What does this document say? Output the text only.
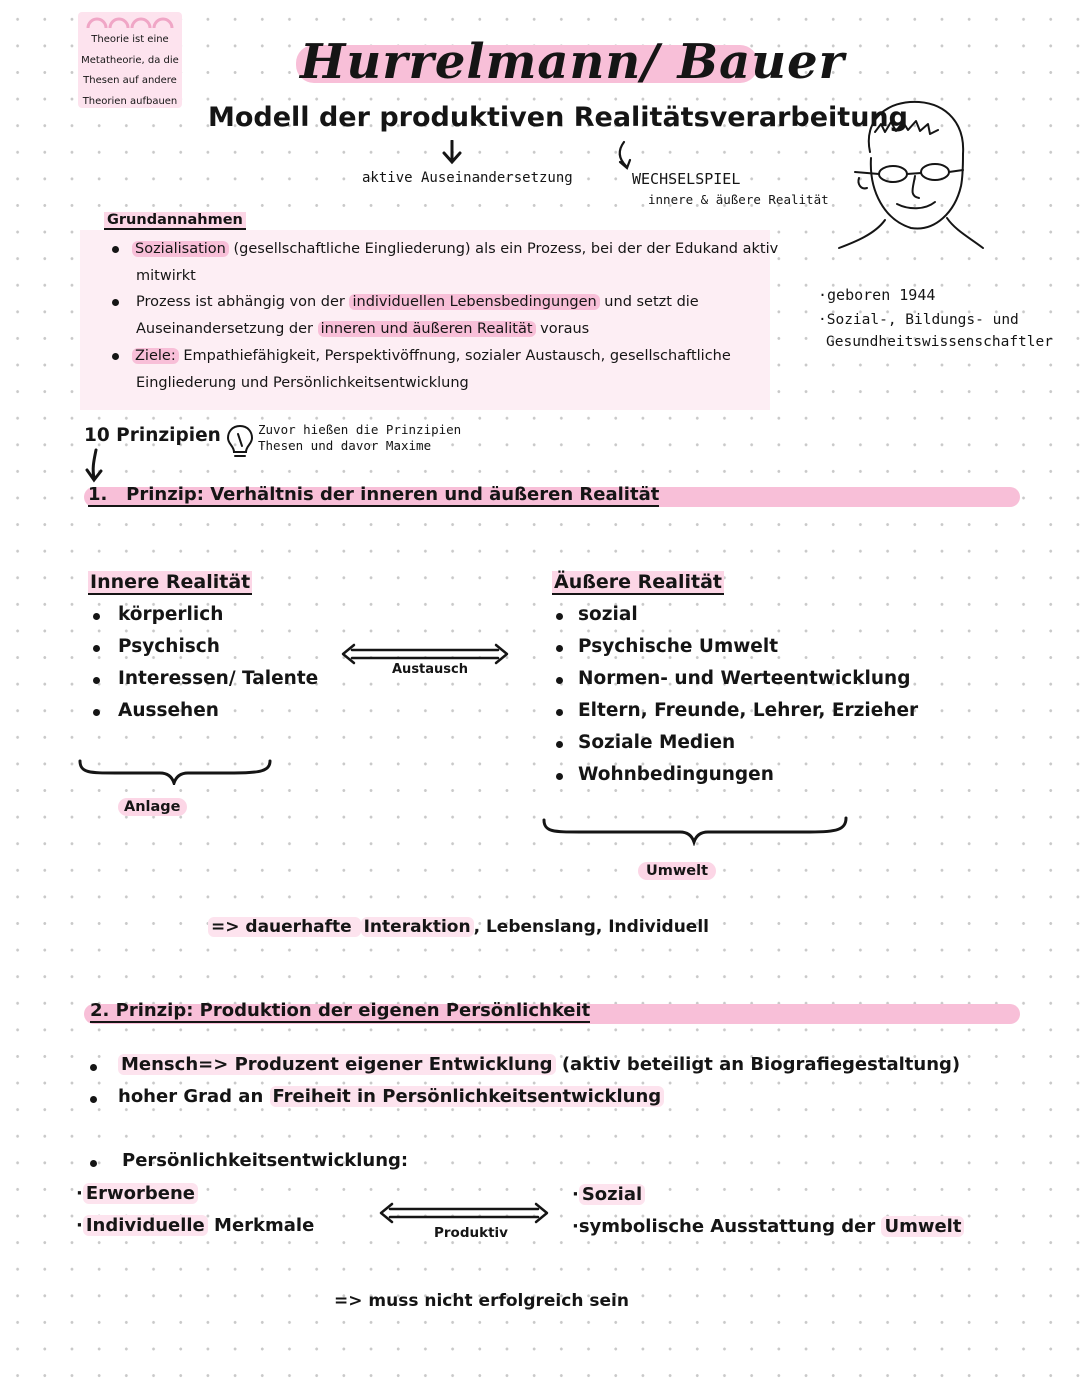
Theorie ist eine
Metatheorie, da die
Thesen auf andere
Theorien aufbauen
Hurrelmann/ Bauer
Modell der produktiven Realitätsverarbeitung
aktive Auseinandersetzung	WECHSELSPIEL
innere & äußere Realität
·geboren 1944
·Sozial-, Bildungs- und
Gesundheitswissenschaftler
Grundannahmen
Sozialisation (gesellschaftliche Eingliederung) als ein Prozess, bei der der Edukand aktiv
mitwirkt
Prozess ist abhängig von der individuellen Lebensbedingungen und setzt die
Auseinandersetzung der inneren und äußeren Realität voraus
Ziele: Empathiefähigkeit, Perspektivöffnung, sozialer Austausch, gesellschaftliche
Eingliederung und Persönlichkeitsentwicklung
10 Prinzipien	Zuvor hießen die Prinzipien
Thesen und davor Maxime
1.   Prinzip: Verhältnis der inneren und äußeren Realität
Innere Realität
körperlich
Psychisch
Interessen/ Talente
Aussehen
Anlage
Austausch
Äußere Realität
sozial
Psychische Umwelt
Normen- und Werteentwicklung
Eltern, Freunde, Lehrer, Erzieher
Soziale Medien
Wohnbedingungen
Umwelt
=> dauerhafte Interaktion , Lebenslang, Individuell
2. Prinzip: Produktion der eigenen Persönlichkeit
Mensch=> Produzent eigener Entwicklung (aktiv beteiligt an Biografiegestaltung)
hoher Grad an Freiheit in Persönlichkeitsentwicklung
Persönlichkeitsentwicklung:
· Erworbene
· Individuelle Merkmale	Produktiv
· Sozial
·symbolische Ausstattung der Umwelt
=> muss nicht erfolgreich sein
